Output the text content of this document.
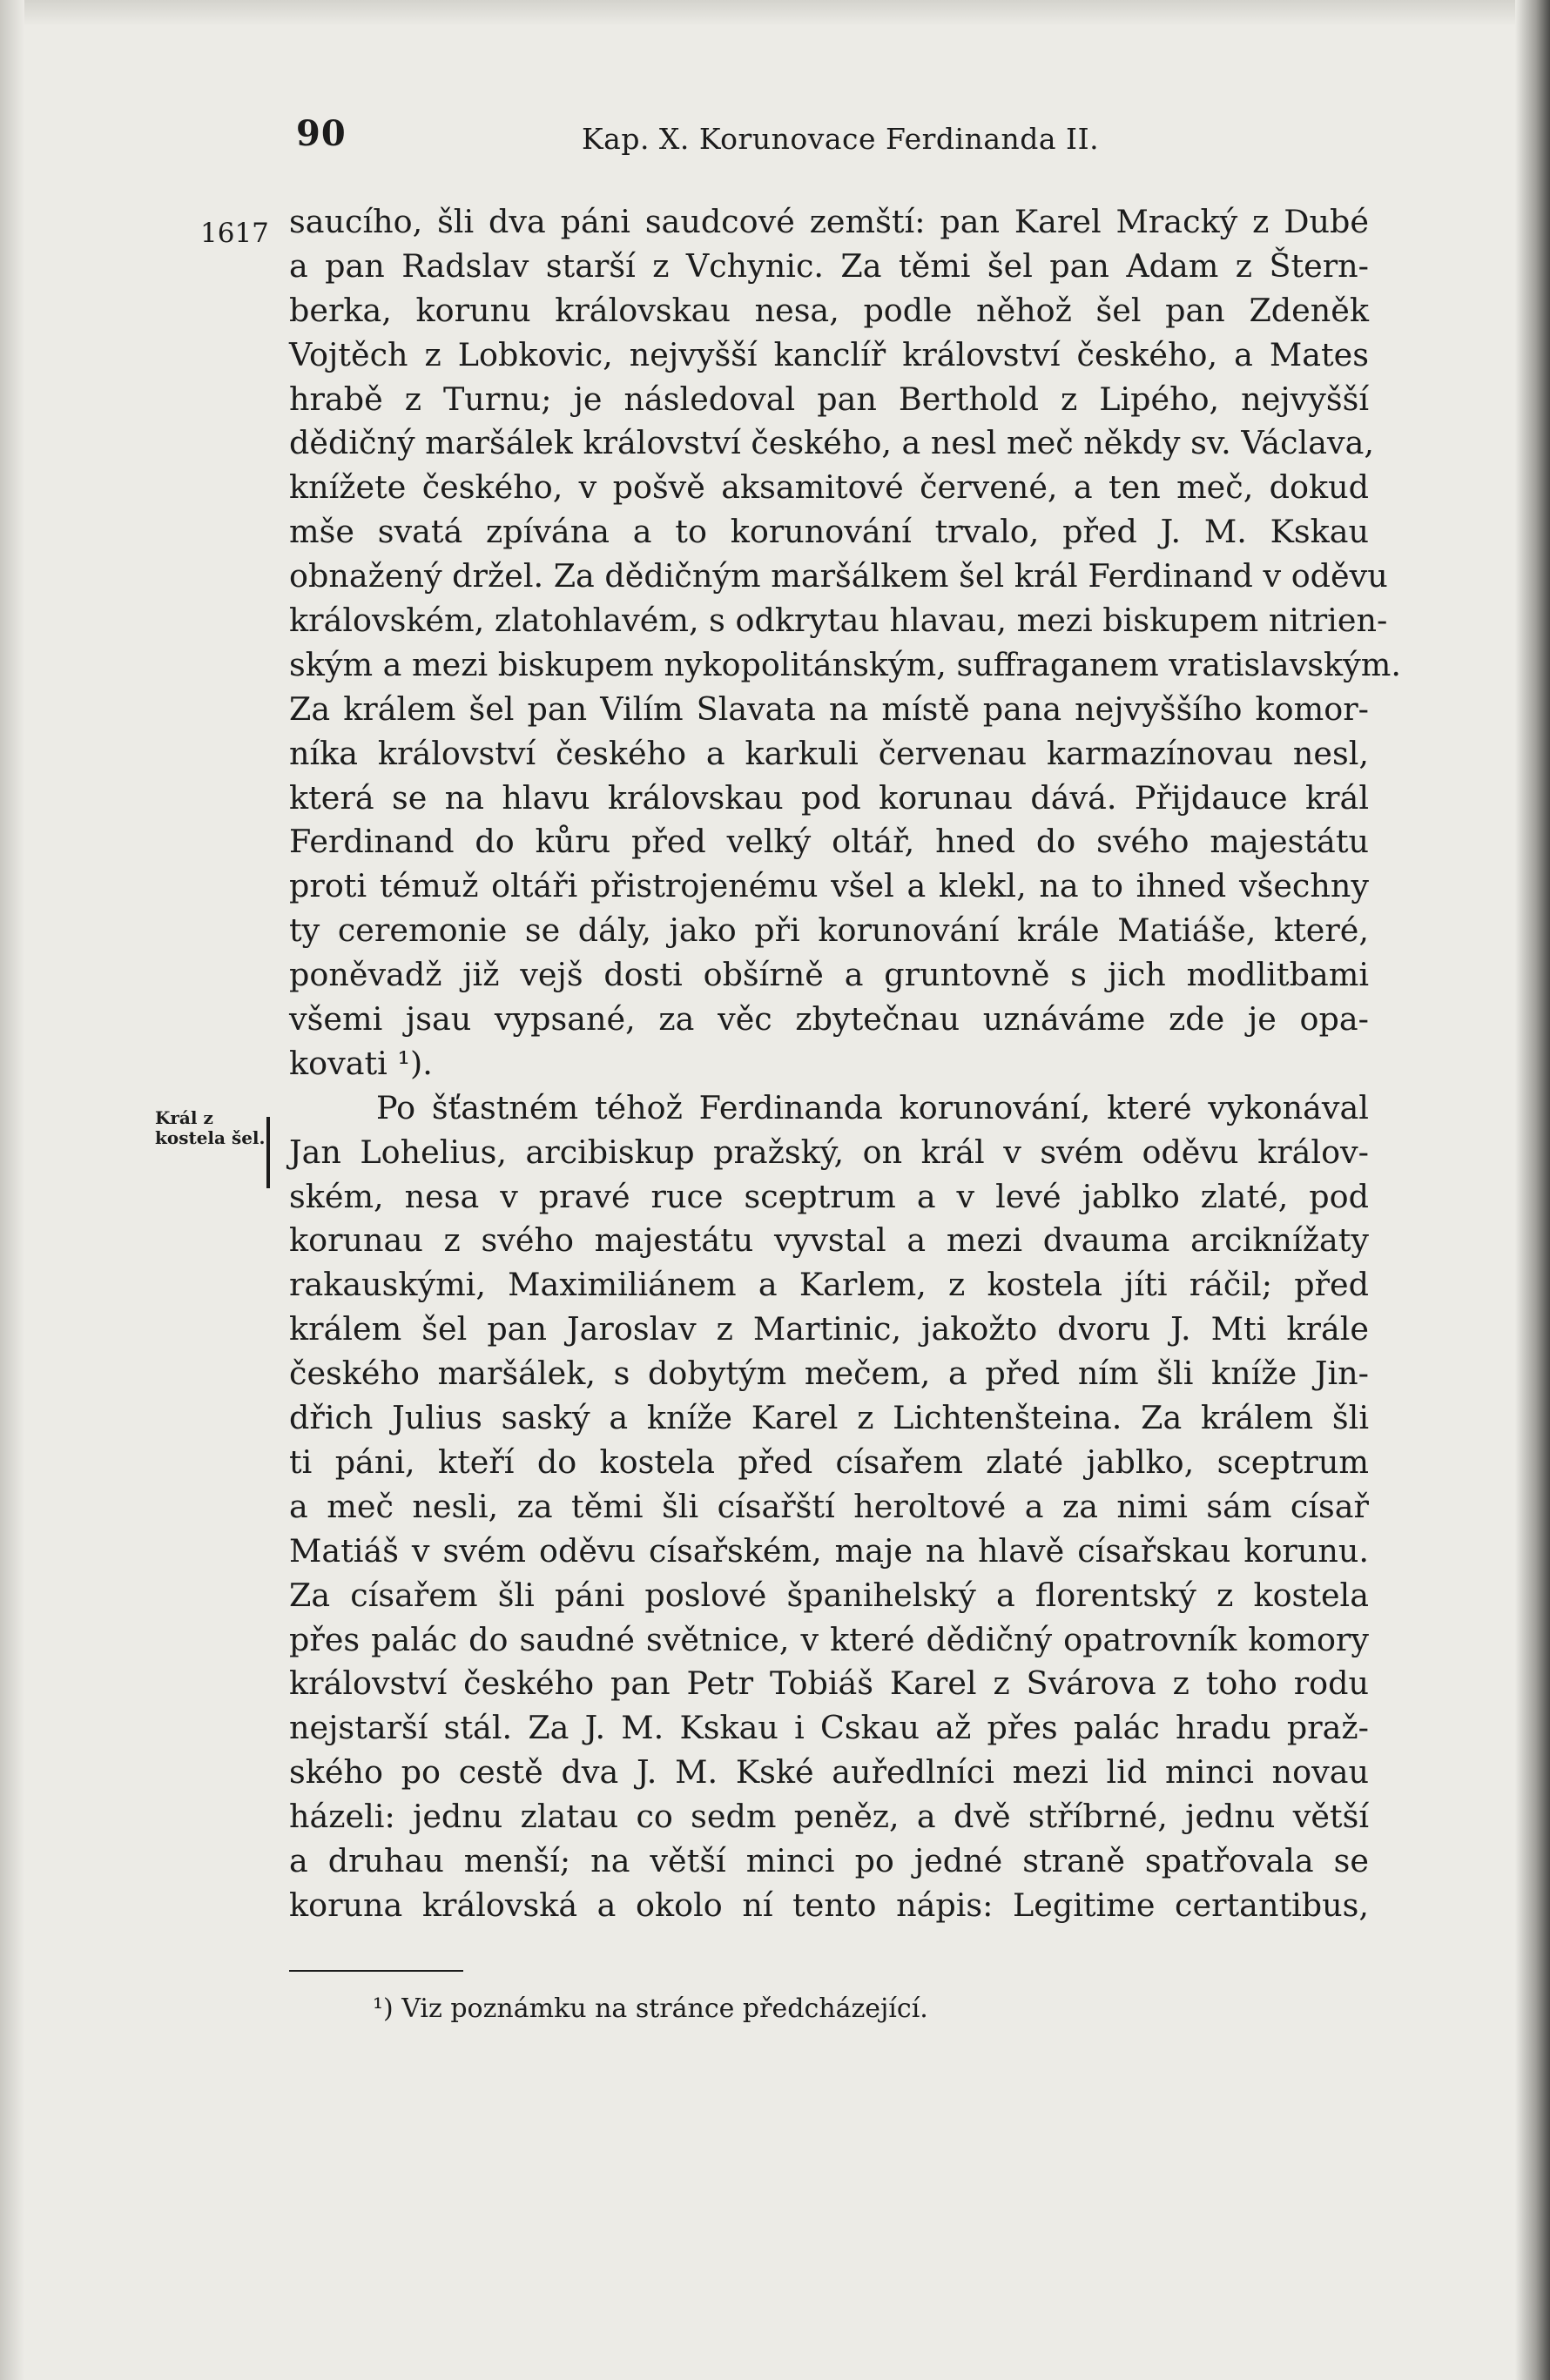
90	Kap. X. Korunovace Ferdinanda II.
1617
Král z kostela šel.
saucího, šli dva páni saudcové zemští: pan Karel Mracký z Dubé
a pan Radslav starší z Vchynic. Za těmi šel pan Adam z Štern-
berka, korunu královskau nesa, podle něhož šel pan Zdeněk
Vojtěch z Lobkovic, nejvyšší kanclíř království českého, a Mates
hrabě z Turnu; je následoval pan Berthold z Lipého, nejvyšší
dědičný maršálek království českého, a nesl meč někdy sv. Václava,
knížete českého, v pošvě aksamitové červené, a ten meč, dokud
mše svatá zpívána a to korunování trvalo, před J. M. Kskau
obnažený držel. Za dědičným maršálkem šel král Ferdinand v oděvu
královském, zlatohlavém, s odkrytau hlavau, mezi biskupem nitrien-
ským a mezi biskupem nykopolitánským, suffraganem vratislavským.
Za králem šel pan Vilím Slavata na místě pana nejvyššího komor-
níka království českého a karkuli červenau karmazínovau nesl,
která se na hlavu královskau pod korunau dává. Přijdauce král
Ferdinand do kůru před velký oltář, hned do svého majestátu
proti témuž oltáři přistrojenému všel a klekl, na to ihned všechny
ty ceremonie se dály, jako při korunování krále Matiáše, které,
poněvadž již vejš dosti obšírně a gruntovně s jich modlitbami
všemi jsau vypsané, za věc zbytečnau uznáváme zde je opa-
kovati ¹).
Po šťastném téhož Ferdinanda korunování, které vykonával
Jan Lohelius, arcibiskup pražský, on král v svém oděvu králov-
ském, nesa v pravé ruce sceptrum a v levé jablko zlaté, pod
korunau z svého majestátu vyvstal a mezi dvauma arciknížaty
rakauskými, Maximiliánem a Karlem, z kostela jíti ráčil; před
králem šel pan Jaroslav z Martinic, jakožto dvoru J. Mti krále
českého maršálek, s dobytým mečem, a před ním šli kníže Jin-
dřich Julius saský a kníže Karel z Lichtenšteina. Za králem šli
ti páni, kteří do kostela před císařem zlaté jablko, sceptrum
a meč nesli, za těmi šli císařští heroltové a za nimi sám císař
Matiáš v svém oděvu císařském, maje na hlavě císařskau korunu.
Za císařem šli páni poslové španihelský a florentský z kostela
přes palác do saudné světnice, v které dědičný opatrovník komory
království českého pan Petr Tobiáš Karel z Svárova z toho rodu
nejstarší stál. Za J. M. Kskau i Cskau až přes palác hradu praž-
ského po cestě dva J. M. Kské auředlníci mezi lid minci novau
házeli: jednu zlatau co sedm peněz, a dvě stříbrné, jednu větší
a druhau menší; na větší minci po jedné straně spatřovala se
koruna královská a okolo ní tento nápis: Legitime certantibus,
¹) Viz poznámku na stránce předcházející.
